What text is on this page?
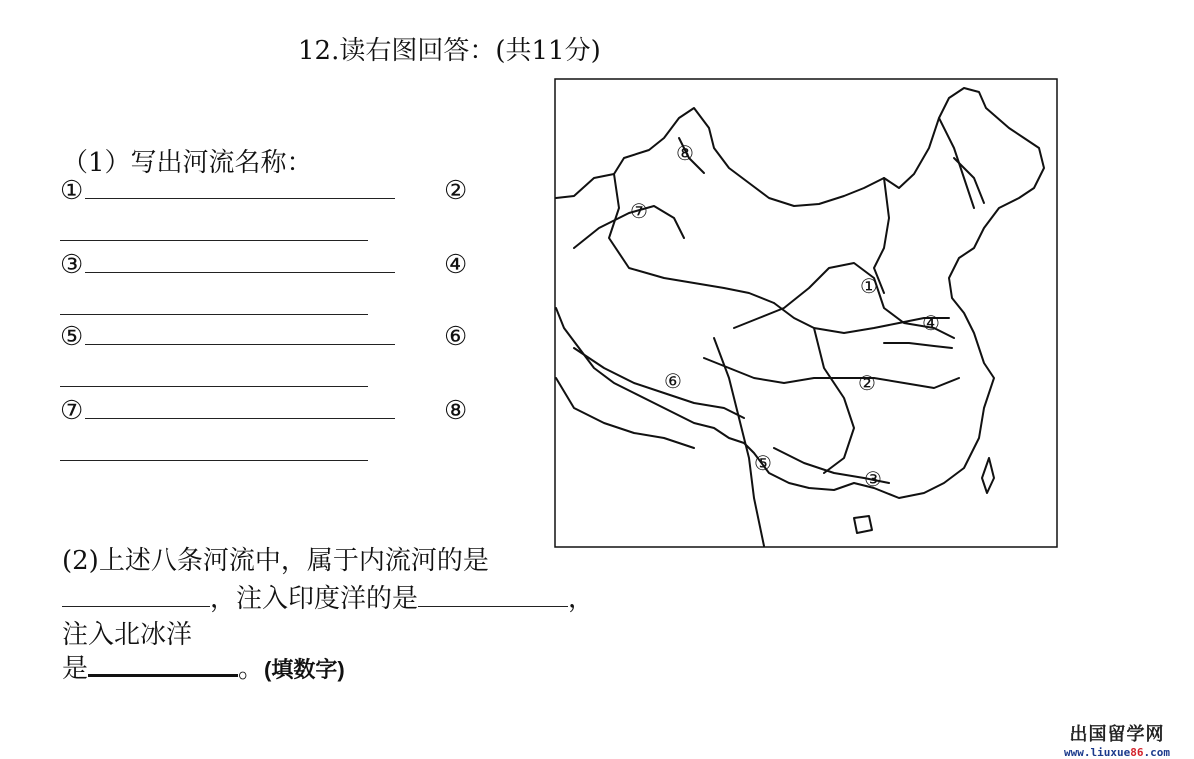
12.读右图回答：(共11分)
（1）写出河流名称：
①	②
③	④
⑤	⑥
⑦	⑧
①
②
③
④
⑤
⑥
⑦
⑧
(2)上述八条河流中，属于内流河的是
，注入印度洋的是	，
注入北冰洋
是	。(填数字)
出国留学网
www.liuxue86.com
